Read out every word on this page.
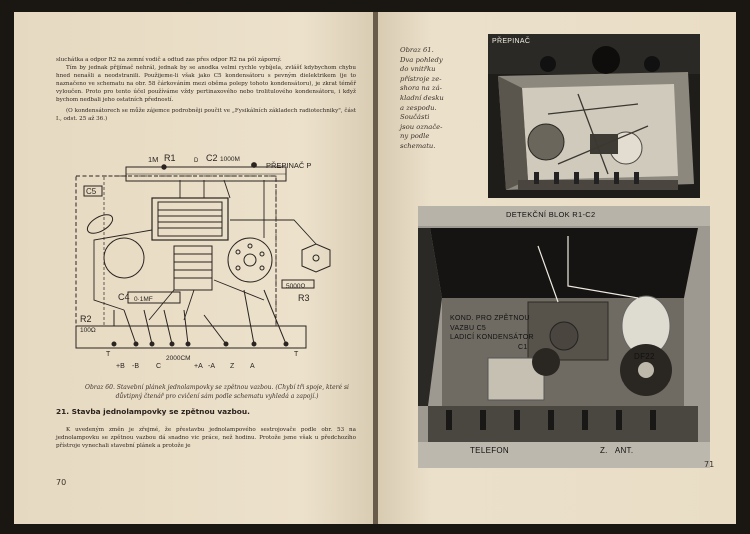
sluchátka a odpor R2 na zemní vodič a odtud zas přes odpor R2 na pól záporný.

Tím by jednak přijímač nehrál, jednak by se anodka velmi rychle vybíjela, zvlášť kdybychom chybu hned nenašli a neodstranili. Použijeme-li však jako C5 kondensátoru s pevným dielektrikem (je to naznačeno ve schematu na obr. 58 čárkováním mezi oběma polepy tohoto kondensátoru), je zkrat téměř vyloučen. Proto pro tento účel používáme vždy pertinaxového nebo trolitulového kondensátoru, i když bychom nedbali jeho ostatních předností.

(O kondensátorech se může zájemce podrobněji poučit ve „Fysikálních základech radiotechniky", část I., odst. 25 až 36.)

1M R1	D C2 1000M
PŘEPINAČ P
C5
C4 0·1MF
R2
100Ω
5000Ω
R3
2000CM
T	T
+B -B C	+A -A Z A
Obraz 60. Stavební plánek jednolampovky se zpětnou vazbou. (Chybí tři spoje, které si důvtipný čtenář pro cvičení sám podle schematu vyhledá a zapojí.)
21. Stavba jednolampovky se zpětnou vazbou.

K uvedeným změn je zřejmé, že přestavbu jednolampového sestrojovače podle obr. 53 na jednolampovku se zpětnou vazbou dá snadno vic práce, než hodinu. Protože jsme však u předchozího přístroje vynechali stavební plánek a protože je

70
Obraz 61.
Dva pohledy
do vnitřku
přístroje ze-
shora na zá-
kladní desku
a zespodu.
Součásti
jsou označe-
ny podle
schematu.
PŘEPINAČ
DETEKČNÍ BLOK R1-C2
KOND. PRO ZPĚTNOU
VAZBU C5
LADICÍ KONDENSÁTOR
C1
DF22
TELEFON	Z.   ANT.
71
